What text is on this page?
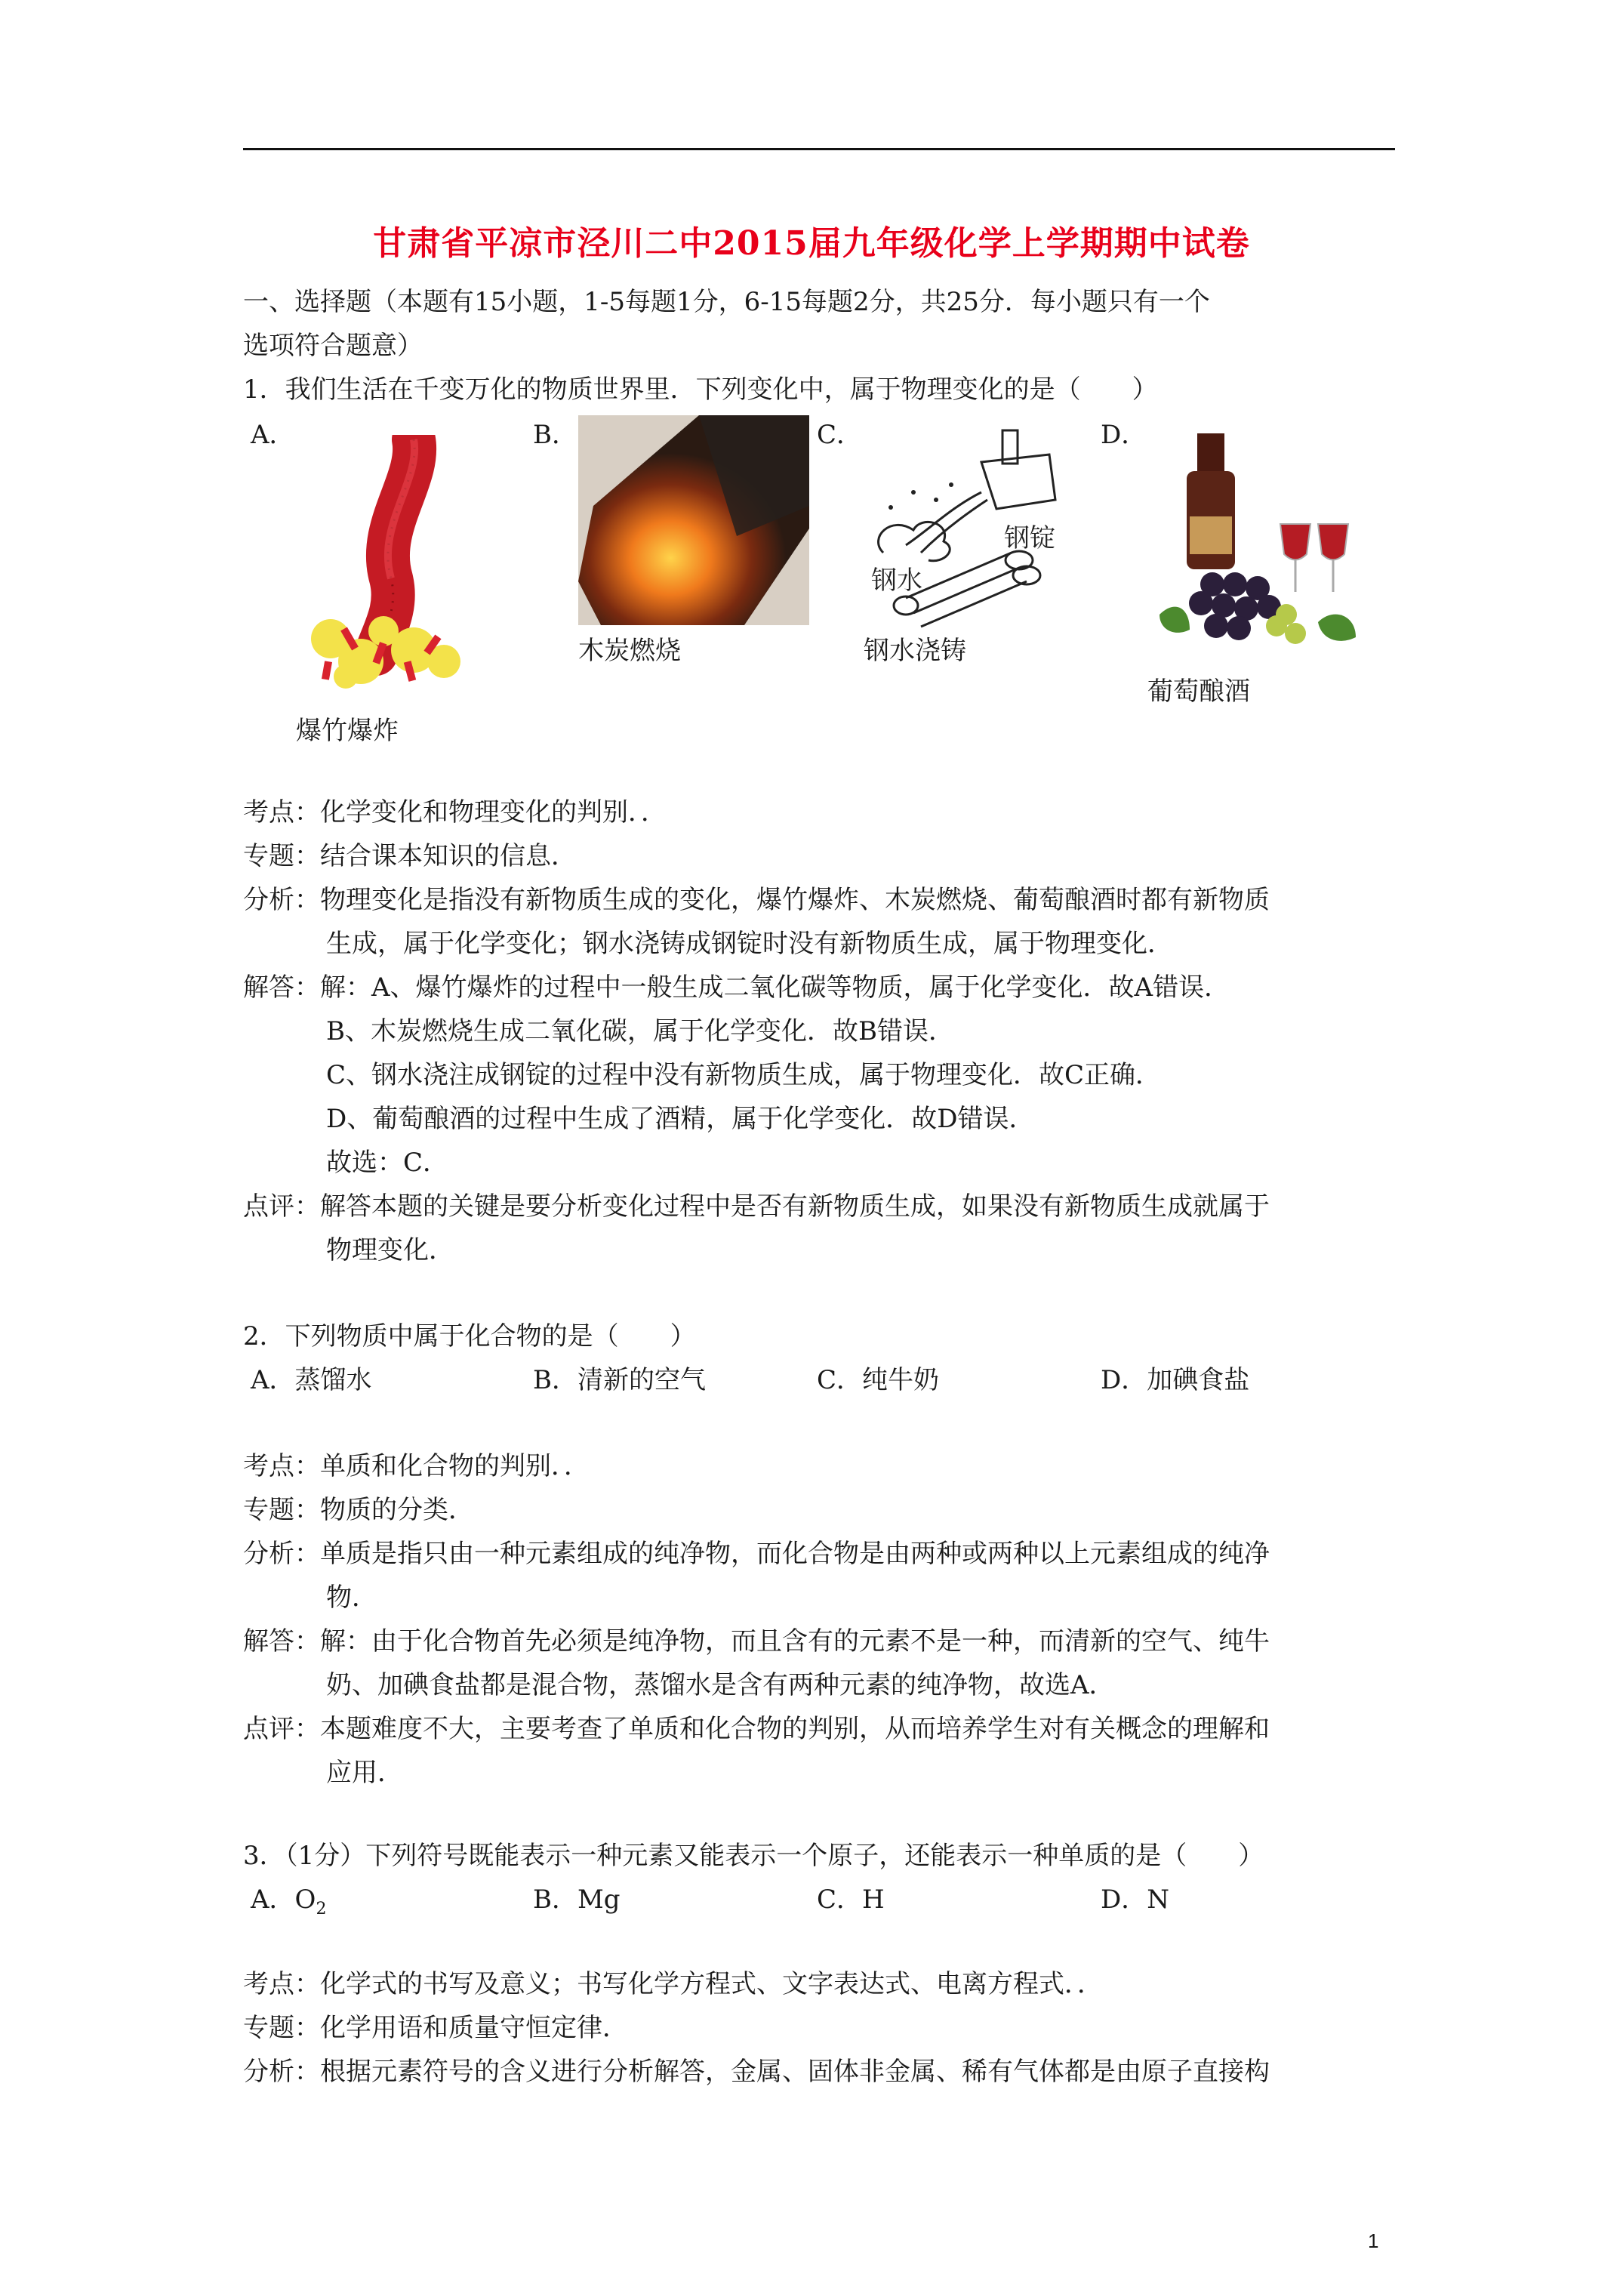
甘肃省平凉市泾川二中2015届九年级化学上学期期中试卷
一、选择题（本题有15小题，1-5每题1分，6-15每题2分，共25分．每小题只有一个
选项符合题意）
1．我们生活在千变万化的物质世界里．下列变化中，属于物理变化的是（　　）
A．	B．	C．	D．
爆竹爆炸
木炭燃烧
钢水
钢锭
钢水浇铸
葡萄酿酒
考点：化学变化和物理变化的判别．．
专题：结合课本知识的信息．
分析：物理变化是指没有新物质生成的变化，爆竹爆炸、木炭燃烧、葡萄酿酒时都有新物质
生成，属于化学变化；钢水浇铸成钢锭时没有新物质生成，属于物理变化．
解答：解：A、爆竹爆炸的过程中一般生成二氧化碳等物质，属于化学变化．故A错误．
B、木炭燃烧生成二氧化碳，属于化学变化．故B错误．
C、钢水浇注成钢锭的过程中没有新物质生成，属于物理变化．故C正确．
D、葡萄酿酒的过程中生成了酒精，属于化学变化．故D错误．
故选：C．
点评：解答本题的关键是要分析变化过程中是否有新物质生成，如果没有新物质生成就属于
物理变化．
2．下列物质中属于化合物的是（　　）
A．蒸馏水	B．清新的空气	C．纯牛奶	D．加碘食盐
考点：单质和化合物的判别．．
专题：物质的分类．
分析：单质是指只由一种元素组成的纯净物，而化合物是由两种或两种以上元素组成的纯净
物．
解答：解：由于化合物首先必须是纯净物，而且含有的元素不是一种，而清新的空气、纯牛
奶、加碘食盐都是混合物，蒸馏水是含有两种元素的纯净物，故选A．
点评：本题难度不大，主要考查了单质和化合物的判别，从而培养学生对有关概念的理解和
应用．
3．（1分）下列符号既能表示一种元素又能表示一个原子，还能表示一种单质的是（　　）
A．$O_2$	B．Mg	C．H	D．N
考点：化学式的书写及意义；书写化学方程式、文字表达式、电离方程式．．
专题：化学用语和质量守恒定律．
分析：根据元素符号的含义进行分析解答，金属、固体非金属、稀有气体都是由原子直接构
1
